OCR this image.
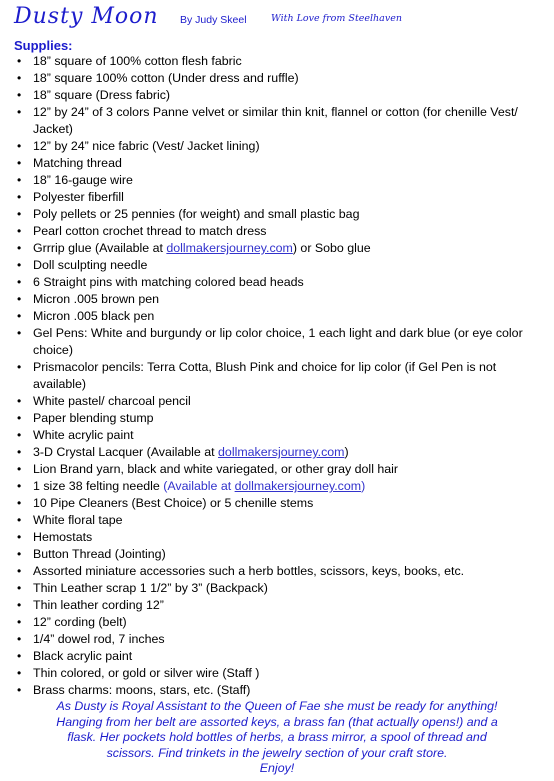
Dusty Moon By Judy Skeel	With Love from Steelhaven
Supplies:
• 18” square of 100% cotton flesh fabric
• 18” square 100% cotton (Under dress and ruffle)
• 18” square (Dress fabric)
• 12” by 24” of 3 colors Panne velvet or similar thin knit, flannel or cotton (for chenille Vest/ Jacket)
• 12” by 24” nice fabric (Vest/ Jacket lining)
• Matching thread
• 18” 16-gauge wire
• Polyester fiberfill
• Poly pellets or 25 pennies (for weight) and small plastic bag
• Pearl cotton crochet thread to match dress
• Grrrip glue (Available at dollmakersjourney.com) or Sobo glue
• Doll sculpting needle
• 6 Straight pins with matching colored bead heads
• Micron .005 brown pen
• Micron .005 black pen
• Gel Pens: White and burgundy or lip color choice, 1 each light and dark blue (or eye color choice)
• Prismacolor pencils: Terra Cotta, Blush Pink and choice for lip color (if Gel Pen is not available)
• White pastel/ charcoal pencil
• Paper blending stump
• White acrylic paint
• 3-D Crystal Lacquer (Available at dollmakersjourney.com)
• Lion Brand yarn, black and white variegated, or other gray doll hair
• 1 size 38 felting needle (Available at dollmakersjourney.com)
• 10 Pipe Cleaners (Best Choice) or 5 chenille stems
• White floral tape
• Hemostats
• Button Thread (Jointing)
• Assorted miniature accessories such a herb bottles, scissors, keys, books, etc.
• Thin Leather scrap 1 1/2” by 3” (Backpack)
• Thin leather cording 12”
• 12” cording (belt)
• 1/4” dowel rod, 7 inches
• Black acrylic paint
• Thin colored, or gold or silver wire (Staff )
• Brass charms: moons, stars, etc. (Staff)
As Dusty is Royal Assistant to the Queen of Fae she must be ready for anything!
Hanging from her belt are assorted keys, a brass fan (that actually opens!) and a
flask. Her pockets hold bottles of herbs, a brass mirror, a spool of thread and
scissors. Find trinkets in the jewelry section of your craft store.
Enjoy!
